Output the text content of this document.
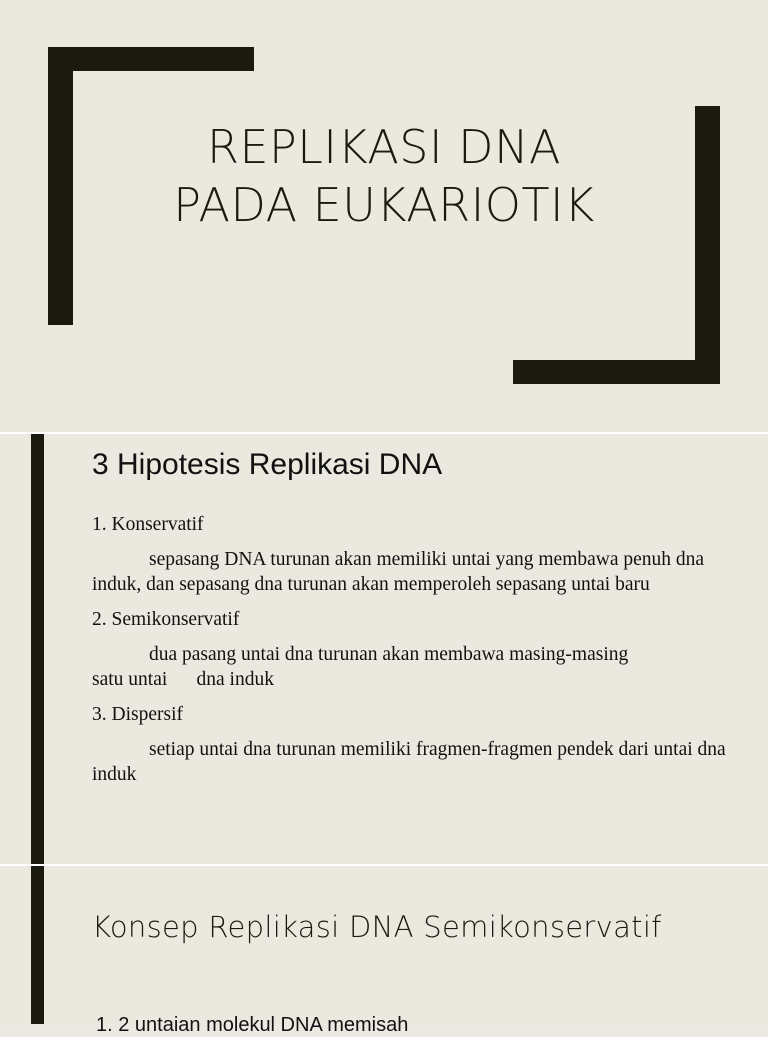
REPLIKASI DNA
PADA EUKARIOTIK
3 Hipotesis Replikasi DNA
1. Konservatif
sepasang DNA turunan akan memiliki untai yang membawa penuh dna induk, dan sepasang dna turunan akan memperoleh sepasang untai baru
2. Semikonservatif
dua pasang untai dna turunan akan membawa masing-masing satu untai      dna induk
3. Dispersif
setiap untai dna turunan memiliki fragmen-fragmen pendek dari untai dna induk
Konsep Replikasi DNA Semikonservatif
1. 2 untaian molekul DNA memisah
